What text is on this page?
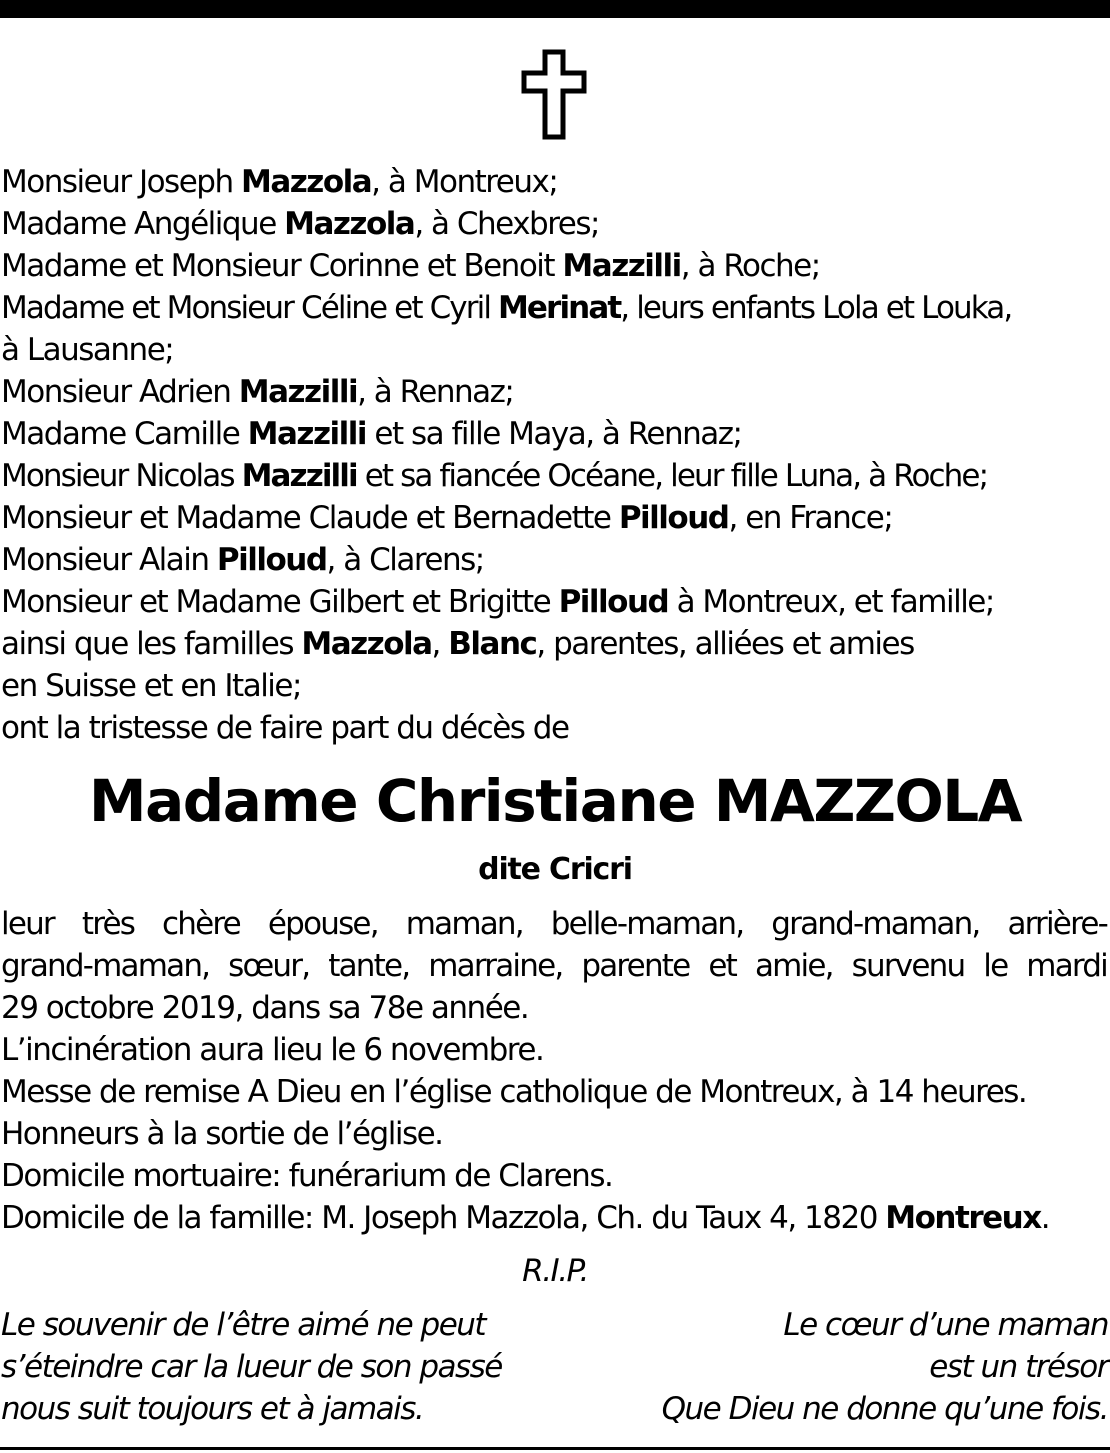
Monsieur Joseph Mazzola, à Montreux;
Madame Angélique Mazzola, à Chexbres;
Madame et Monsieur Corinne et Benoit Mazzilli, à Roche;
Madame et Monsieur Céline et Cyril Merinat, leurs enfants Lola et Louka,
à Lausanne;
Monsieur Adrien Mazzilli, à Rennaz;
Madame Camille Mazzilli et sa fille Maya, à Rennaz;
Monsieur Nicolas Mazzilli et sa fiancée Océane, leur fille Luna, à Roche;
Monsieur et Madame Claude et Bernadette Pilloud, en France;
Monsieur Alain Pilloud, à Clarens;
Monsieur et Madame Gilbert et Brigitte Pilloud à Montreux, et famille;
ainsi que les familles Mazzola, Blanc, parentes, alliées et amies
en Suisse et en Italie;
ont la tristesse de faire part du décès de
Madame Christiane MAZZOLA
dite Cricri
leur très chère épouse, maman, belle-maman, grand-maman, arrière-
grand-maman, sœur, tante, marraine, parente et amie, survenu le mardi
29 octobre 2019, dans sa 78e année.
L’incinération aura lieu le 6 novembre.
Messe de remise A Dieu en l’église catholique de Montreux, à 14 heures.
Honneurs à la sortie de l’église.
Domicile mortuaire: funérarium de Clarens.
Domicile de la famille: M. Joseph Mazzola, Ch. du Taux 4, 1820 Montreux.
R.I.P.
Le souvenir de l’être aimé ne peut
s’éteindre car la lueur de son passé
nous suit toujours et à jamais.
Le cœur d’une maman
est un trésor
Que Dieu ne donne qu’une fois.
